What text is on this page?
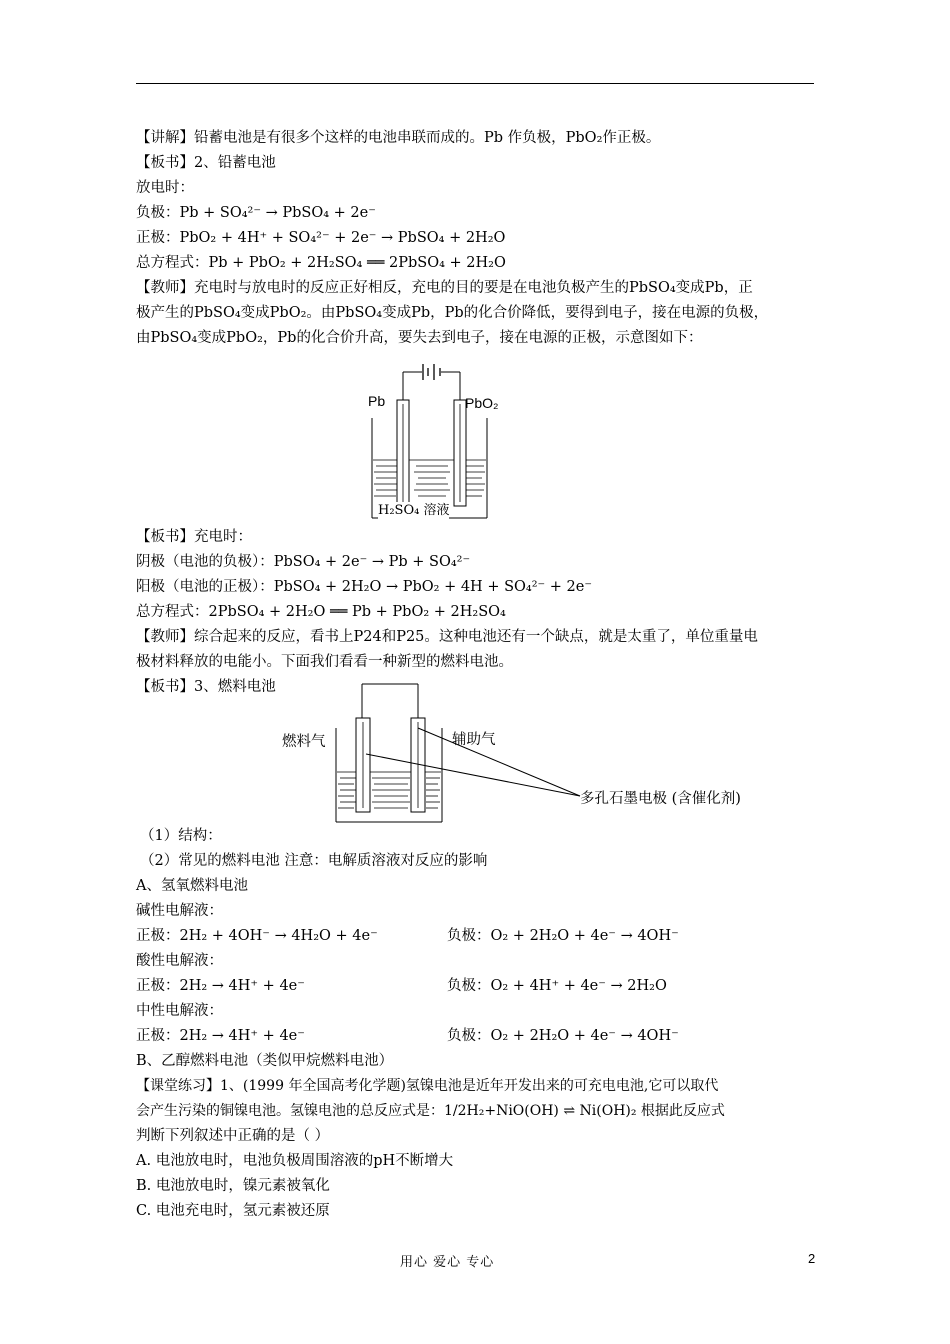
【讲解】铅蓄电池是有很多个这样的电池串联而成的。Pb 作负极，PbO₂作正极。
【板书】2、铅蓄电池
放电时：
负极：Pb + SO₄²⁻ → PbSO₄ + 2e⁻
正极：PbO₂ + 4H⁺ + SO₄²⁻ + 2e⁻ → PbSO₄ + 2H₂O
总方程式：Pb + PbO₂ + 2H₂SO₄ ══ 2PbSO₄ + 2H₂O
【教师】充电时与放电时的反应正好相反，充电的目的要是在电池负极产生的PbSO₄变成Pb，正
极产生的PbSO₄变成PbO₂。由PbSO₄变成Pb，Pb的化合价降低，要得到电子，接在电源的负极，
由PbSO₄变成PbO₂，Pb的化合价升高，要失去到电子，接在电源的正极，示意图如下：
Pb	PbO₂
H₂SO₄ 溶液
【板书】充电时：
阴极（电池的负极）：PbSO₄ + 2e⁻ → Pb + SO₄²⁻
阳极（电池的正极）：PbSO₄ + 2H₂O → PbO₂ + 4H + SO₄²⁻ + 2e⁻
总方程式：2PbSO₄ + 2H₂O ══ Pb + PbO₂ + 2H₂SO₄
【教师】综合起来的反应，看书上P24和P25。这种电池还有一个缺点，就是太重了，单位重量电
极材料释放的电能小。下面我们看看一种新型的燃料电池。
【板书】3、燃料电池
燃料气	辅助气
多孔石墨电极 (含催化剂)
（1）结构：
（2）常见的燃料电池 注意：电解质溶液对反应的影响
A、氢氧燃料电池
碱性电解液：
正极：2H₂ + 4OH⁻ → 4H₂O + 4e⁻	负极：O₂ + 2H₂O + 4e⁻ → 4OH⁻
酸性电解液：
正极：2H₂ → 4H⁺ + 4e⁻	负极：O₂ + 4H⁺ + 4e⁻ → 2H₂O
中性电解液：
正极：2H₂ → 4H⁺ + 4e⁻	负极：O₂ + 2H₂O + 4e⁻ → 4OH⁻
B、乙醇燃料电池（类似甲烷燃料电池）
【课堂练习】1、(1999 年全国高考化学题)氢镍电池是近年开发出来的可充电电池,它可以取代
会产生污染的铜镍电池。氢镍电池的总反应式是：1/2H₂+NiO(OH) ⇌ Ni(OH)₂ 根据此反应式
判断下列叙述中正确的是（ ）
A. 电池放电时，电池负极周围溶液的pH不断增大
B. 电池放电时，镍元素被氧化
C. 电池充电时，氢元素被还原
用心 爱心 专心	2
